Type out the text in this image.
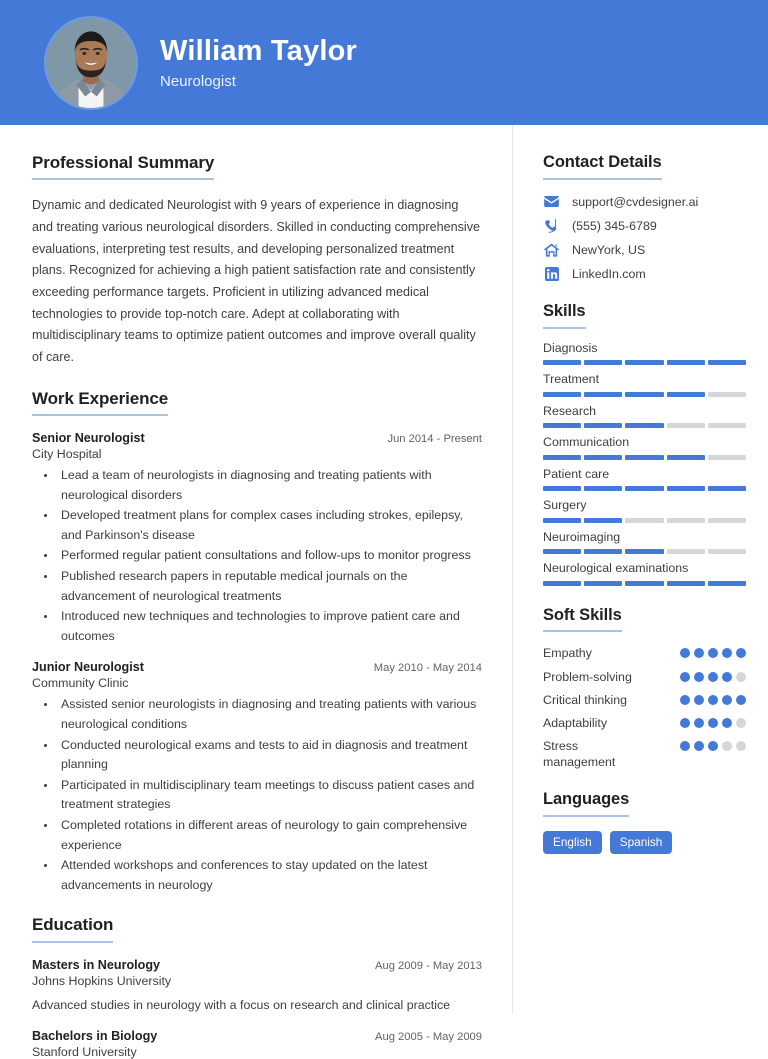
William Taylor
Neurologist
Professional Summary
Dynamic and dedicated Neurologist with 9 years of experience in diagnosing and treating various neurological disorders. Skilled in conducting comprehensive evaluations, interpreting test results, and developing personalized treatment plans. Recognized for achieving a high patient satisfaction rate and consistently exceeding performance targets. Proficient in utilizing advanced medical technologies to provide top-notch care. Adept at collaborating with multidisciplinary teams to optimize patient outcomes and improve overall quality of care.
Work Experience
Senior Neurologist	Jun 2014 - Present
City Hospital
• Lead a team of neurologists in diagnosing and treating patients with neurological disorders
• Developed treatment plans for complex cases including strokes, epilepsy, and Parkinson's disease
• Performed regular patient consultations and follow-ups to monitor progress
• Published research papers in reputable medical journals on the advancement of neurological treatments
• Introduced new techniques and technologies to improve patient care and outcomes
Junior Neurologist	May 2010 - May 2014
Community Clinic
• Assisted senior neurologists in diagnosing and treating patients with various neurological conditions
• Conducted neurological exams and tests to aid in diagnosis and treatment planning
• Participated in multidisciplinary team meetings to discuss patient cases and treatment strategies
• Completed rotations in different areas of neurology to gain comprehensive experience
• Attended workshops and conferences to stay updated on the latest advancements in neurology
Education
Masters in Neurology	Aug 2009 - May 2013
Johns Hopkins University
Advanced studies in neurology with a focus on research and clinical practice
Bachelors in Biology	Aug 2005 - May 2009
Stanford University
Contact Details
support@cvdesigner.ai
(555) 345-6789
NewYork, US
LinkedIn.com
Skills
Diagnosis
Treatment
Research
Communication
Patient care
Surgery
Neuroimaging
Neurological examinations
Soft Skills
Empathy
Problem-solving
Critical thinking
Adaptability
Stress management
Languages
English	Spanish
